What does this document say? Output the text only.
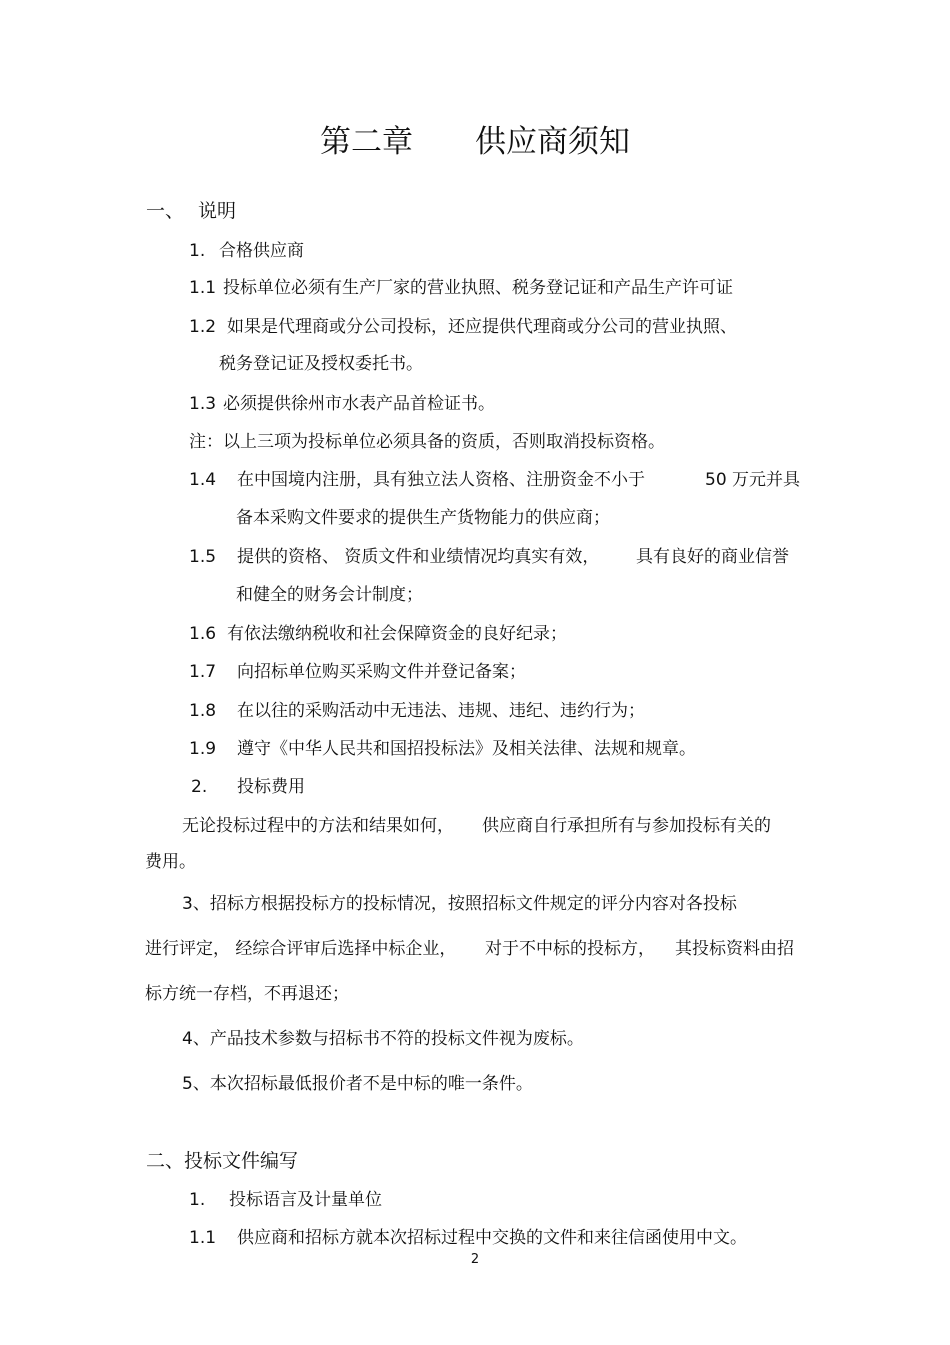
第二章 供应商须知
一、 说明
1. 合格供应商
1.1 投标单位必须有生产厂家的营业执照、税务登记证和产品生产许可证
1.2 如果是代理商或分公司投标，还应提供代理商或分公司的营业执照、
税务登记证及授权委托书。
1.3 必须提供徐州市水表产品首检证书。
注：以上三项为投标单位必须具备的资质，否则取消投标资格。
1.4 在中国境内注册，具有独立法人资格、注册资金不小于	50 万元并具
备本采购文件要求的提供生产货物能力的供应商；
1.5 提供的资格、 资质文件和业绩情况均真实有效， 具有良好的商业信誉
和健全的财务会计制度；
1.6 有依法缴纳税收和社会保障资金的良好纪录；
1.7 向招标单位购买采购文件并登记备案；
1.8 在以往的采购活动中无违法、违规、违纪、违约行为；
1.9 遵守《中华人民共和国招投标法》及相关法律、法规和规章。
2. 投标费用
无论投标过程中的方法和结果如何， 供应商自行承担所有与参加投标有关的
费用。
3、招标方根据投标方的投标情况，按照招标文件规定的评分内容对各投标
进行评定， 经综合评审后选择中标企业， 对于不中标的投标方， 其投标资料由招
标方统一存档，不再退还；
4、产品技术参数与招标书不符的投标文件视为废标。
5、本次招标最低报价者不是中标的唯一条件。
二、投标文件编写
1. 投标语言及计量单位
1.1 供应商和招标方就本次招标过程中交换的文件和来往信函使用中文。
2
